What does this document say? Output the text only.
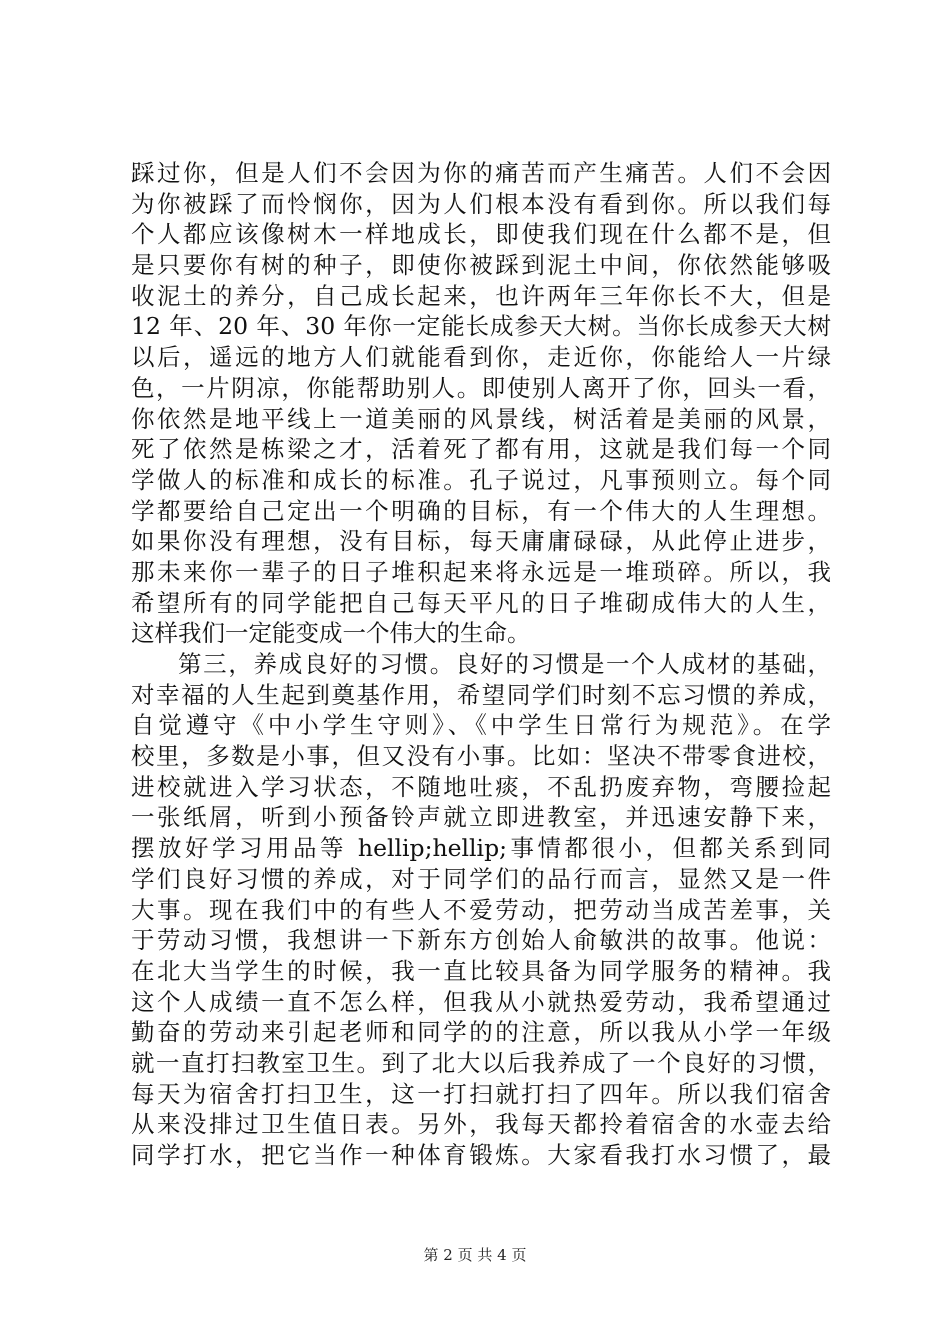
踩过你，但是人们不会因为你的痛苦而产生痛苦。人们不会因
为你被踩了而怜悯你，因为人们根本没有看到你。所以我们每
个人都应该像树木一样地成长，即使我们现在什么都不是，但
是只要你有树的种子，即使你被踩到泥土中间，你依然能够吸
收泥土的养分，自己成长起来，也许两年三年你长不大，但是
12 年、20 年、30 年你一定能长成参天大树。当你长成参天大树
以后，遥远的地方人们就能看到你，走近你，你能给人一片绿
色，一片阴凉，你能帮助别人。即使别人离开了你，回头一看，
你依然是地平线上一道美丽的风景线，树活着是美丽的风景，
死了依然是栋梁之才，活着死了都有用，这就是我们每一个同
学做人的标准和成长的标准。孔子说过，凡事预则立。每个同
学都要给自己定出一个明确的目标，有一个伟大的人生理想。
如果你没有理想，没有目标，每天庸庸碌碌，从此停止进步，
那未来你一辈子的日子堆积起来将永远是一堆琐碎。所以，我
希望所有的同学能把自己每天平凡的日子堆砌成伟大的人生，
这样我们一定能变成一个伟大的生命。
第三，养成良好的习惯。良好的习惯是一个人成材的基础，
对幸福的人生起到奠基作用，希望同学们时刻不忘习惯的养成，
自觉遵守《中小学生守则》、《中学生日常行为规范》。在学
校里，多数是小事，但又没有小事。比如：坚决不带零食进校，
进校就进入学习状态，不随地吐痰，不乱扔废弃物，弯腰捡起
一张纸屑，听到小预备铃声就立即进教室，并迅速安静下来，
摆放好学习用品等 hellip;hellip;事情都很小，但都关系到同
学们良好习惯的养成，对于同学们的品行而言，显然又是一件
大事。现在我们中的有些人不爱劳动，把劳动当成苦差事，关
于劳动习惯，我想讲一下新东方创始人俞敏洪的故事。他说：
在北大当学生的时候，我一直比较具备为同学服务的精神。我
这个人成绩一直不怎么样，但我从小就热爱劳动，我希望通过
勤奋的劳动来引起老师和同学的的注意，所以我从小学一年级
就一直打扫教室卫生。到了北大以后我养成了一个良好的习惯，
每天为宿舍打扫卫生，这一打扫就打扫了四年。所以我们宿舍
从来没排过卫生值日表。另外，我每天都拎着宿舍的水壶去给
同学打水，把它当作一种体育锻炼。大家看我打水习惯了，最

第 2 页 共 4 页
